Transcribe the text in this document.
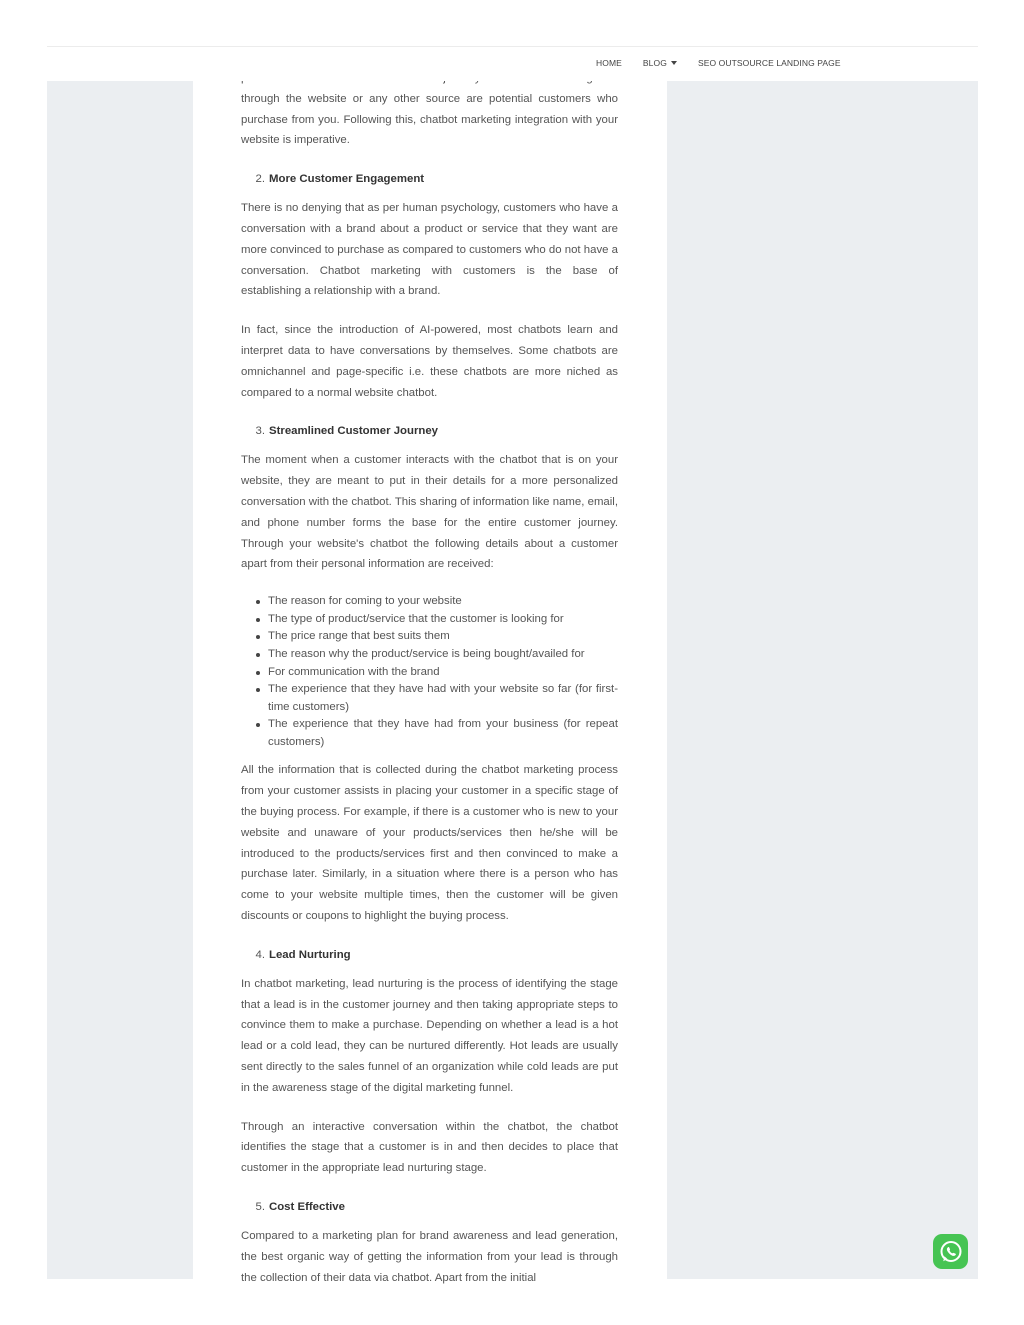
HOME BLOG	SEO OUTSOURCE LANDING PAGE

through the website or any other source are potential customers who purchase from you. Following this, chatbot marketing integration with your website is imperative.

2. More Customer Engagement

There is no denying that as per human psychology, customers who have a conversation with a brand about a product or service that they want are more convinced to purchase as compared to customers who do not have a conversation. Chatbot marketing with customers is the base of establishing a relationship with a brand.

In fact, since the introduction of AI-powered, most chatbots learn and interpret data to have conversations by themselves. Some chatbots are omnichannel and page-specific i.e. these chatbots are more niched as compared to a normal website chatbot.

3. Streamlined Customer Journey

The moment when a customer interacts with the chatbot that is on your website, they are meant to put in their details for a more personalized conversation with the chatbot. This sharing of information like name, email, and phone number forms the base for the entire customer journey. Through your website's chatbot the following details about a customer apart from their personal information are received:

The reason for coming to your website
The type of product/service that the customer is looking for
The price range that best suits them
The reason why the product/service is being bought/availed for
For communication with the brand
The experience that they have had with your website so far (for first-time customers)
The experience that they have had from your business (for repeat customers)

All the information that is collected during the chatbot marketing process from your customer assists in placing your customer in a specific stage of the buying process. For example, if there is a customer who is new to your website and unaware of your products/services then he/she will be introduced to the products/services first and then convinced to make a purchase later. Similarly, in a situation where there is a person who has come to your website multiple times, then the customer will be given discounts or coupons to highlight the buying process.

4. Lead Nurturing

In chatbot marketing, lead nurturing is the process of identifying the stage that a lead is in the customer journey and then taking appropriate steps to convince them to make a purchase. Depending on whether a lead is a hot lead or a cold lead, they can be nurtured differently. Hot leads are usually sent directly to the sales funnel of an organization while cold leads are put in the awareness stage of the digital marketing funnel.

Through an interactive conversation within the chatbot, the chatbot identifies the stage that a customer is in and then decides to place that customer in the appropriate lead nurturing stage.

5. Cost Effective

Compared to a marketing plan for brand awareness and lead generation, the best organic way of getting the information from your lead is through the collection of their data via chatbot. Apart from the initial
